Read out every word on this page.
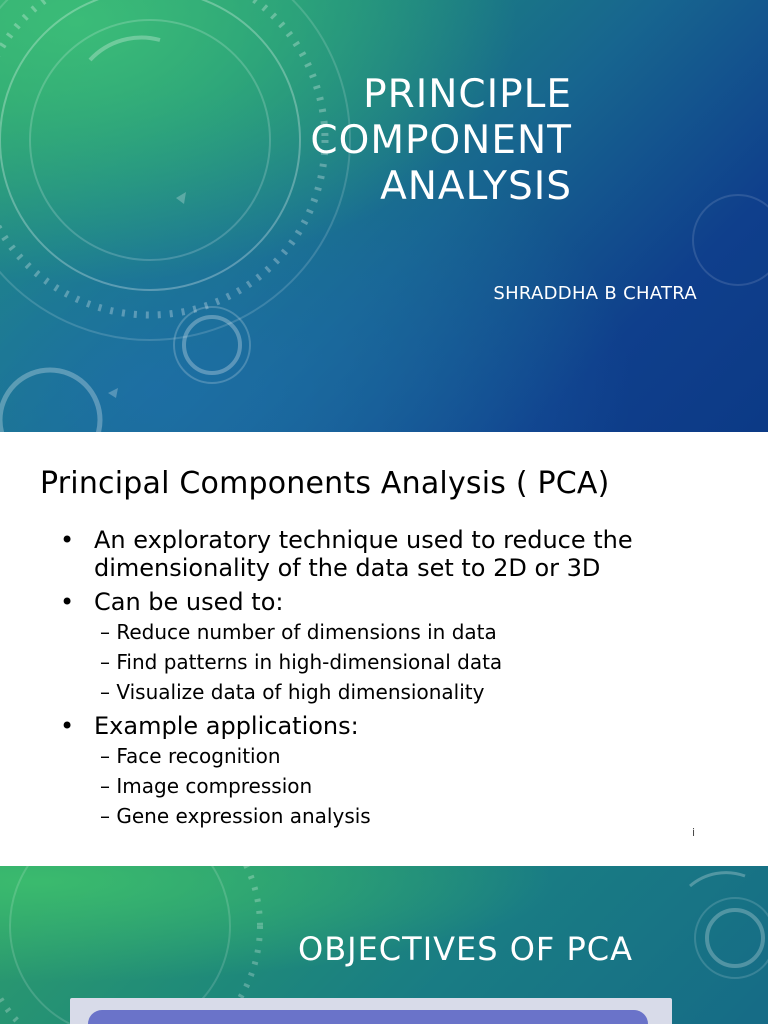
PRINCIPLE
COMPONENT
ANALYSIS
SHRADDHA B CHATRA
Principal Components Analysis ( PCA)
• An exploratory technique used to reduce the
dimensionality of the data set to 2D or 3D
• Can be used to:
– Reduce number of dimensions in data
– Find patterns in high-dimensional data
– Visualize data of high dimensionality
• Example applications:
– Face recognition
– Image compression
– Gene expression analysis
i
OBJECTIVES OF PCA
